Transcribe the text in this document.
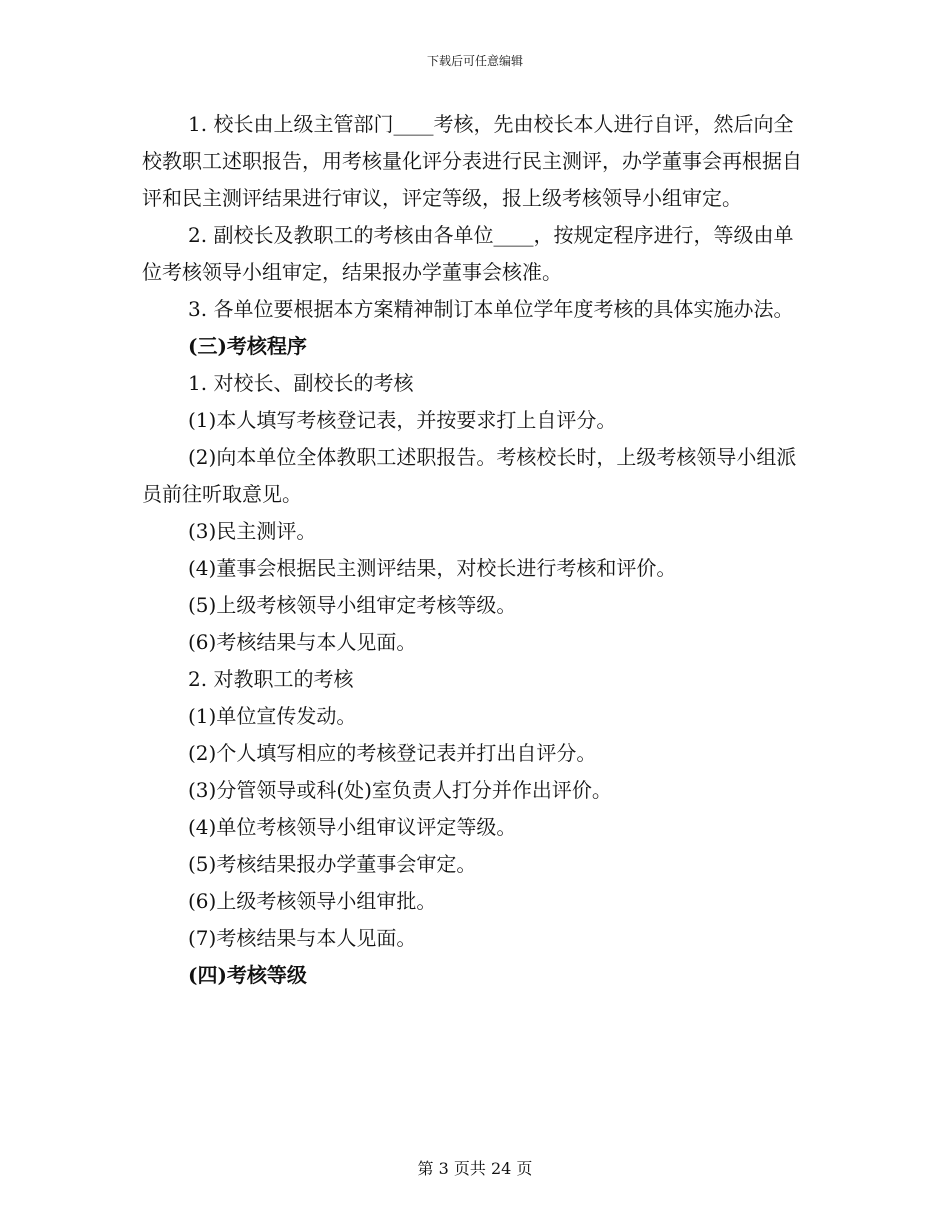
下载后可任意编辑

1. 校长由上级主管部门____考核，先由校长本人进行自评，然后向全校教职工述职报告，用考核量化评分表进行民主测评，办学董事会再根据自评和民主测评结果进行审议，评定等级，报上级考核领导小组审定。

2. 副校长及教职工的考核由各单位____，按规定程序进行，等级由单位考核领导小组审定，结果报办学董事会核准。

3. 各单位要根据本方案精神制订本单位学年度考核的具体实施办法。

(三)考核程序

1. 对校长、副校长的考核

(1)本人填写考核登记表，并按要求打上自评分。

(2)向本单位全体教职工述职报告。考核校长时，上级考核领导小组派员前往听取意见。

(3)民主测评。

(4)董事会根据民主测评结果，对校长进行考核和评价。

(5)上级考核领导小组审定考核等级。

(6)考核结果与本人见面。

2. 对教职工的考核

(1)单位宣传发动。

(2)个人填写相应的考核登记表并打出自评分。

(3)分管领导或科(处)室负责人打分并作出评价。

(4)单位考核领导小组审议评定等级。

(5)考核结果报办学董事会审定。

(6)上级考核领导小组审批。

(7)考核结果与本人见面。

(四)考核等级

第 3 页共 24 页
